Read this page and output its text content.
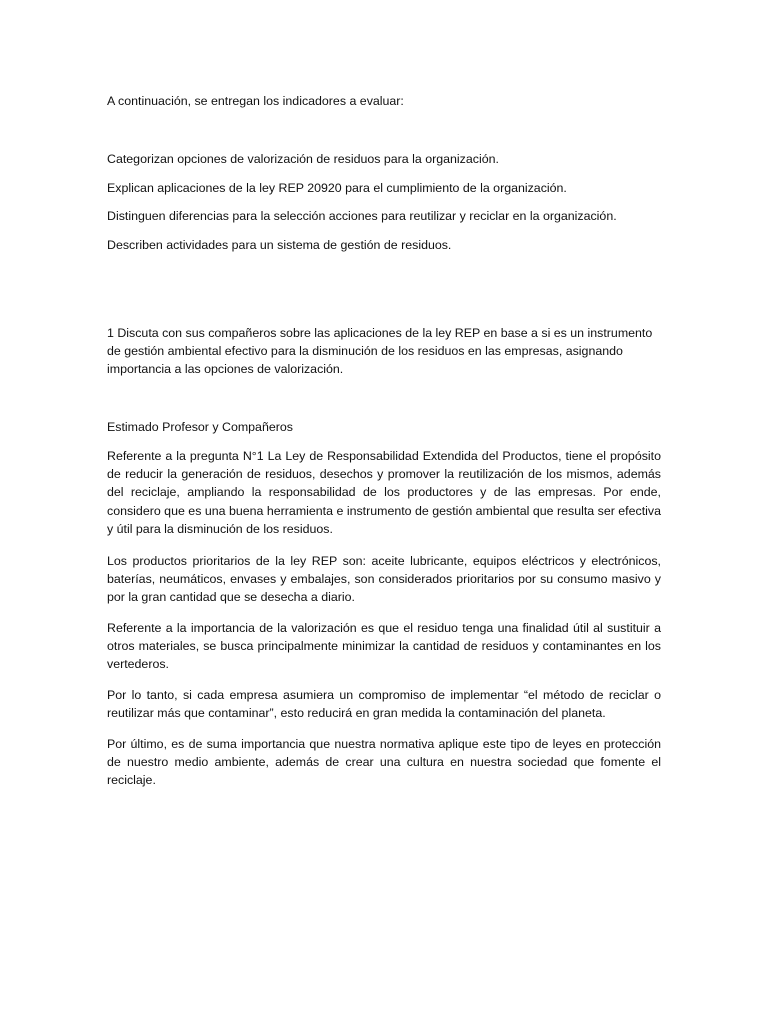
A continuación, se entregan los indicadores a evaluar:

Categorizan opciones de valorización de residuos para la organización.

Explican aplicaciones de la ley REP 20920 para el cumplimiento de la organización.

Distinguen diferencias para la selección acciones para reutilizar y reciclar en la organización.

Describen actividades para un sistema de gestión de residuos.

1 Discuta con sus compañeros sobre las aplicaciones de la ley REP en base a si es un instrumento de gestión ambiental efectivo para la disminución de los residuos en las empresas, asignando importancia a las opciones de valorización.

Estimado Profesor y Compañeros

Referente a la pregunta N°1 La Ley de Responsabilidad Extendida del Productos, tiene el propósito de reducir la generación de residuos, desechos y promover la reutilización de los mismos, además del reciclaje, ampliando la responsabilidad de los productores y de las empresas. Por ende, considero que es una buena herramienta e instrumento de gestión ambiental que resulta ser efectiva y útil para la disminución de los residuos.

Los productos prioritarios de la ley REP son: aceite lubricante, equipos eléctricos y electrónicos, baterías, neumáticos, envases y embalajes, son considerados prioritarios por su consumo masivo y por la gran cantidad que se desecha a diario.

Referente a la importancia de la valorización es que el residuo tenga una finalidad útil al sustituir a otros materiales, se busca principalmente minimizar la cantidad de residuos y contaminantes en los vertederos.

Por lo tanto, si cada empresa asumiera un compromiso de implementar “el método de reciclar o reutilizar más que contaminar”, esto reducirá en gran medida la contaminación del planeta.

Por último, es de suma importancia que nuestra normativa aplique este tipo de leyes en protección de nuestro medio ambiente, además de crear una cultura en nuestra sociedad que fomente el reciclaje.
